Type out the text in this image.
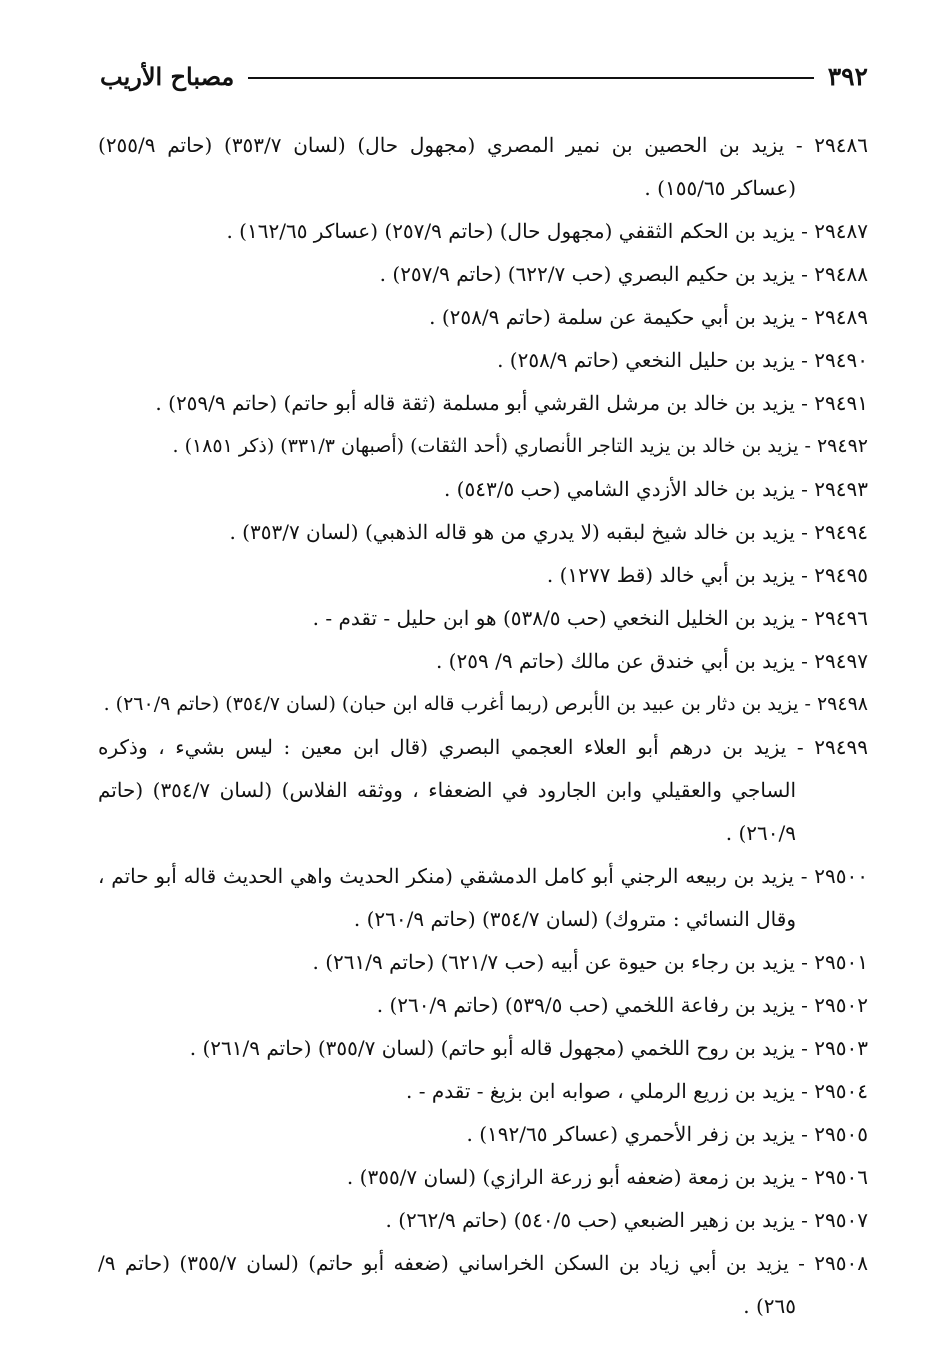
٣٩٢
مصباح الأريب
٢٩٤٨٦ - يزيد بن الحصين بن نمير المصري (مجهول حال) (لسان ٣٥٣/٧) (حاتم ٢٥٥/٩) (عساكر ١٥٥/٦٥) .
٢٩٤٨٧ - يزيد بن الحكم الثقفي (مجهول حال) (حاتم ٢٥٧/٩) (عساكر ١٦٢/٦٥) .
٢٩٤٨٨ - يزيد بن حكيم البصري (حب ٦٢٢/٧) (حاتم ٢٥٧/٩) .
٢٩٤٨٩ - يزيد بن أبي حكيمة عن سلمة (حاتم ٢٥٨/٩) .
٢٩٤٩٠ - يزيد بن حليل النخعي (حاتم ٢٥٨/٩) .
٢٩٤٩١ - يزيد بن خالد بن مرشل القرشي أبو مسلمة (ثقة قاله أبو حاتم) (حاتم ٢٥٩/٩) .
٢٩٤٩٢ - يزيد بن خالد بن يزيد التاجر الأنصاري (أحد الثقات) (أصبهان ٣٣١/٣) (ذكر ١٨٥١) .
٢٩٤٩٣ - يزيد بن خالد الأزدي الشامي (حب ٥٤٣/٥) .
٢٩٤٩٤ - يزيد بن خالد شيخ لبقبه (لا يدري من هو قاله الذهبي) (لسان ٣٥٣/٧) .
٢٩٤٩٥ - يزيد بن أبي خالد (قط ١٢٧٧) .
٢٩٤٩٦ - يزيد بن الخليل النخعي (حب ٥٣٨/٥) هو ابن حليل - تقدم - .
٢٩٤٩٧ - يزيد بن أبي خندق عن مالك (حاتم ٩/ ٢٥٩) .
٢٩٤٩٨ - يزيد بن دثار بن عبيد بن الأبرص (ربما أغرب قاله ابن حبان) (لسان ٣٥٤/٧) (حاتم ٢٦٠/٩) .
٢٩٤٩٩ - يزيد بن درهم أبو العلاء العجمي البصري (قال ابن معين : ليس بشيء ، وذكره الساجي والعقيلي وابن الجارود في الضعفاء ، ووثقه الفلاس) (لسان ٣٥٤/٧) (حاتم ٢٦٠/٩) .
٢٩٥٠٠ - يزيد بن ربيعه الرجني أبو كامل الدمشقي (منكر الحديث واهي الحديث قاله أبو حاتم ، وقال النسائي : متروك) (لسان ٣٥٤/٧) (حاتم ٢٦٠/٩) .
٢٩٥٠١ - يزيد بن رجاء بن حيوة عن أبيه (حب ٦٢١/٧) (حاتم ٢٦١/٩) .
٢٩٥٠٢ - يزيد بن رفاعة اللخمي (حب ٥٣٩/٥) (حاتم ٢٦٠/٩) .
٢٩٥٠٣ - يزيد بن روح اللخمي (مجهول قاله أبو حاتم) (لسان ٣٥٥/٧) (حاتم ٢٦١/٩) .
٢٩٥٠٤ - يزيد بن زريع الرملي ، صوابه ابن بزيغ - تقدم - .
٢٩٥٠٥ - يزيد بن زفر الأحمري (عساكر ١٩٢/٦٥) .
٢٩٥٠٦ - يزيد بن زمعة (ضعفه أبو زرعة الرازي) (لسان ٣٥٥/٧) .
٢٩٥٠٧ - يزيد بن زهير الضبعي (حب ٥٤٠/٥) (حاتم ٢٦٢/٩) .
٢٩٥٠٨ - يزيد بن أبي زياد بن السكن الخراساني (ضعفه أبو حاتم) (لسان ٣٥٥/٧) (حاتم ٩/ ٢٦٥) .
